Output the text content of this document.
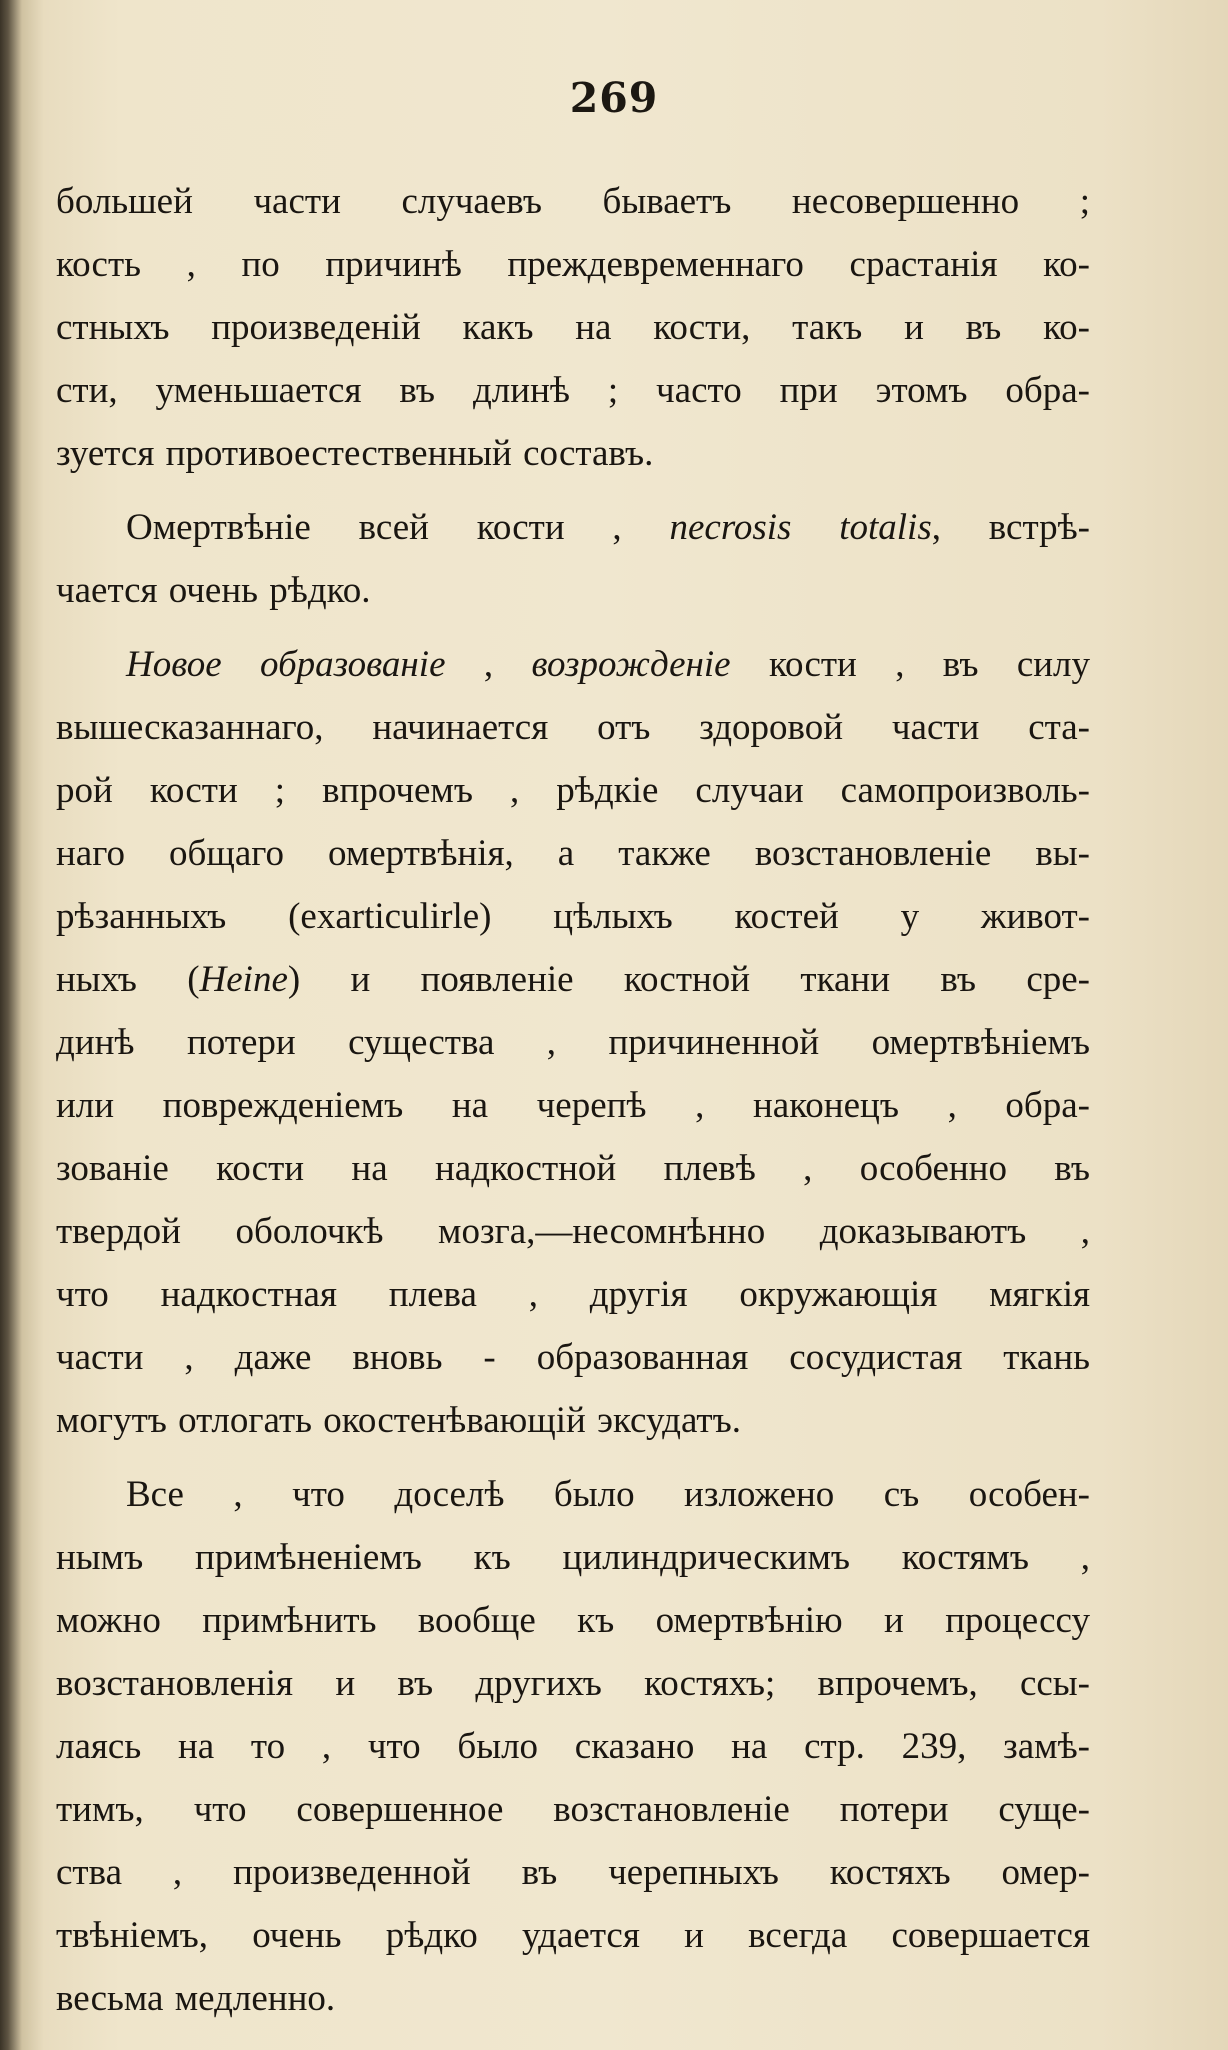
269
большей части случаевъ бываетъ несовершенно ;
кость , по причинѣ преждевременнаго срастанія ко-
стныхъ произведеній какъ на кости, такъ и въ ко-
сти, уменьшается въ длинѣ ; часто при этомъ обра-
зуется противоестественный составъ.
Омертвѣніе всей кости , necrosis totalis, встрѣ-
чается очень рѣдко.
Новое образованіе , возрожденіе кости , въ силу
вышесказаннаго, начинается отъ здоровой части ста-
рой кости ; впрочемъ , рѣдкіе случаи самопроизволь-
наго общаго омертвѣнія, а также возстановленіе вы-
рѣзанныхъ (exarticulirle) цѣлыхъ костей у живот-
ныхъ (Heine) и появленіе костной ткани въ сре-
динѣ потери существа , причиненной омертвѣніемъ
или поврежденіемъ на черепѣ , наконецъ , обра-
зованіе кости на надкостной плевѣ , особенно въ
твердой оболочкѣ мозга,—несомнѣнно доказываютъ ,
что надкостная плева , другія окружающія мягкія
части , даже вновь - образованная сосудистая ткань
могутъ отлогать окостенѣвающій эксудатъ.
Все , что доселѣ было изложено съ особен-
нымъ примѣненіемъ къ цилиндрическимъ костямъ ,
можно примѣнить вообще къ омертвѣнію и процессу
возстановленія и въ другихъ костяхъ; впрочемъ, ссы-
лаясь на то , что было сказано на стр. 239, замѣ-
тимъ, что совершенное возстановленіе потери суще-
ства , произведенной въ черепныхъ костяхъ омер-
твѣніемъ, очень рѣдко удается и всегда совершается
весьма медленно.
